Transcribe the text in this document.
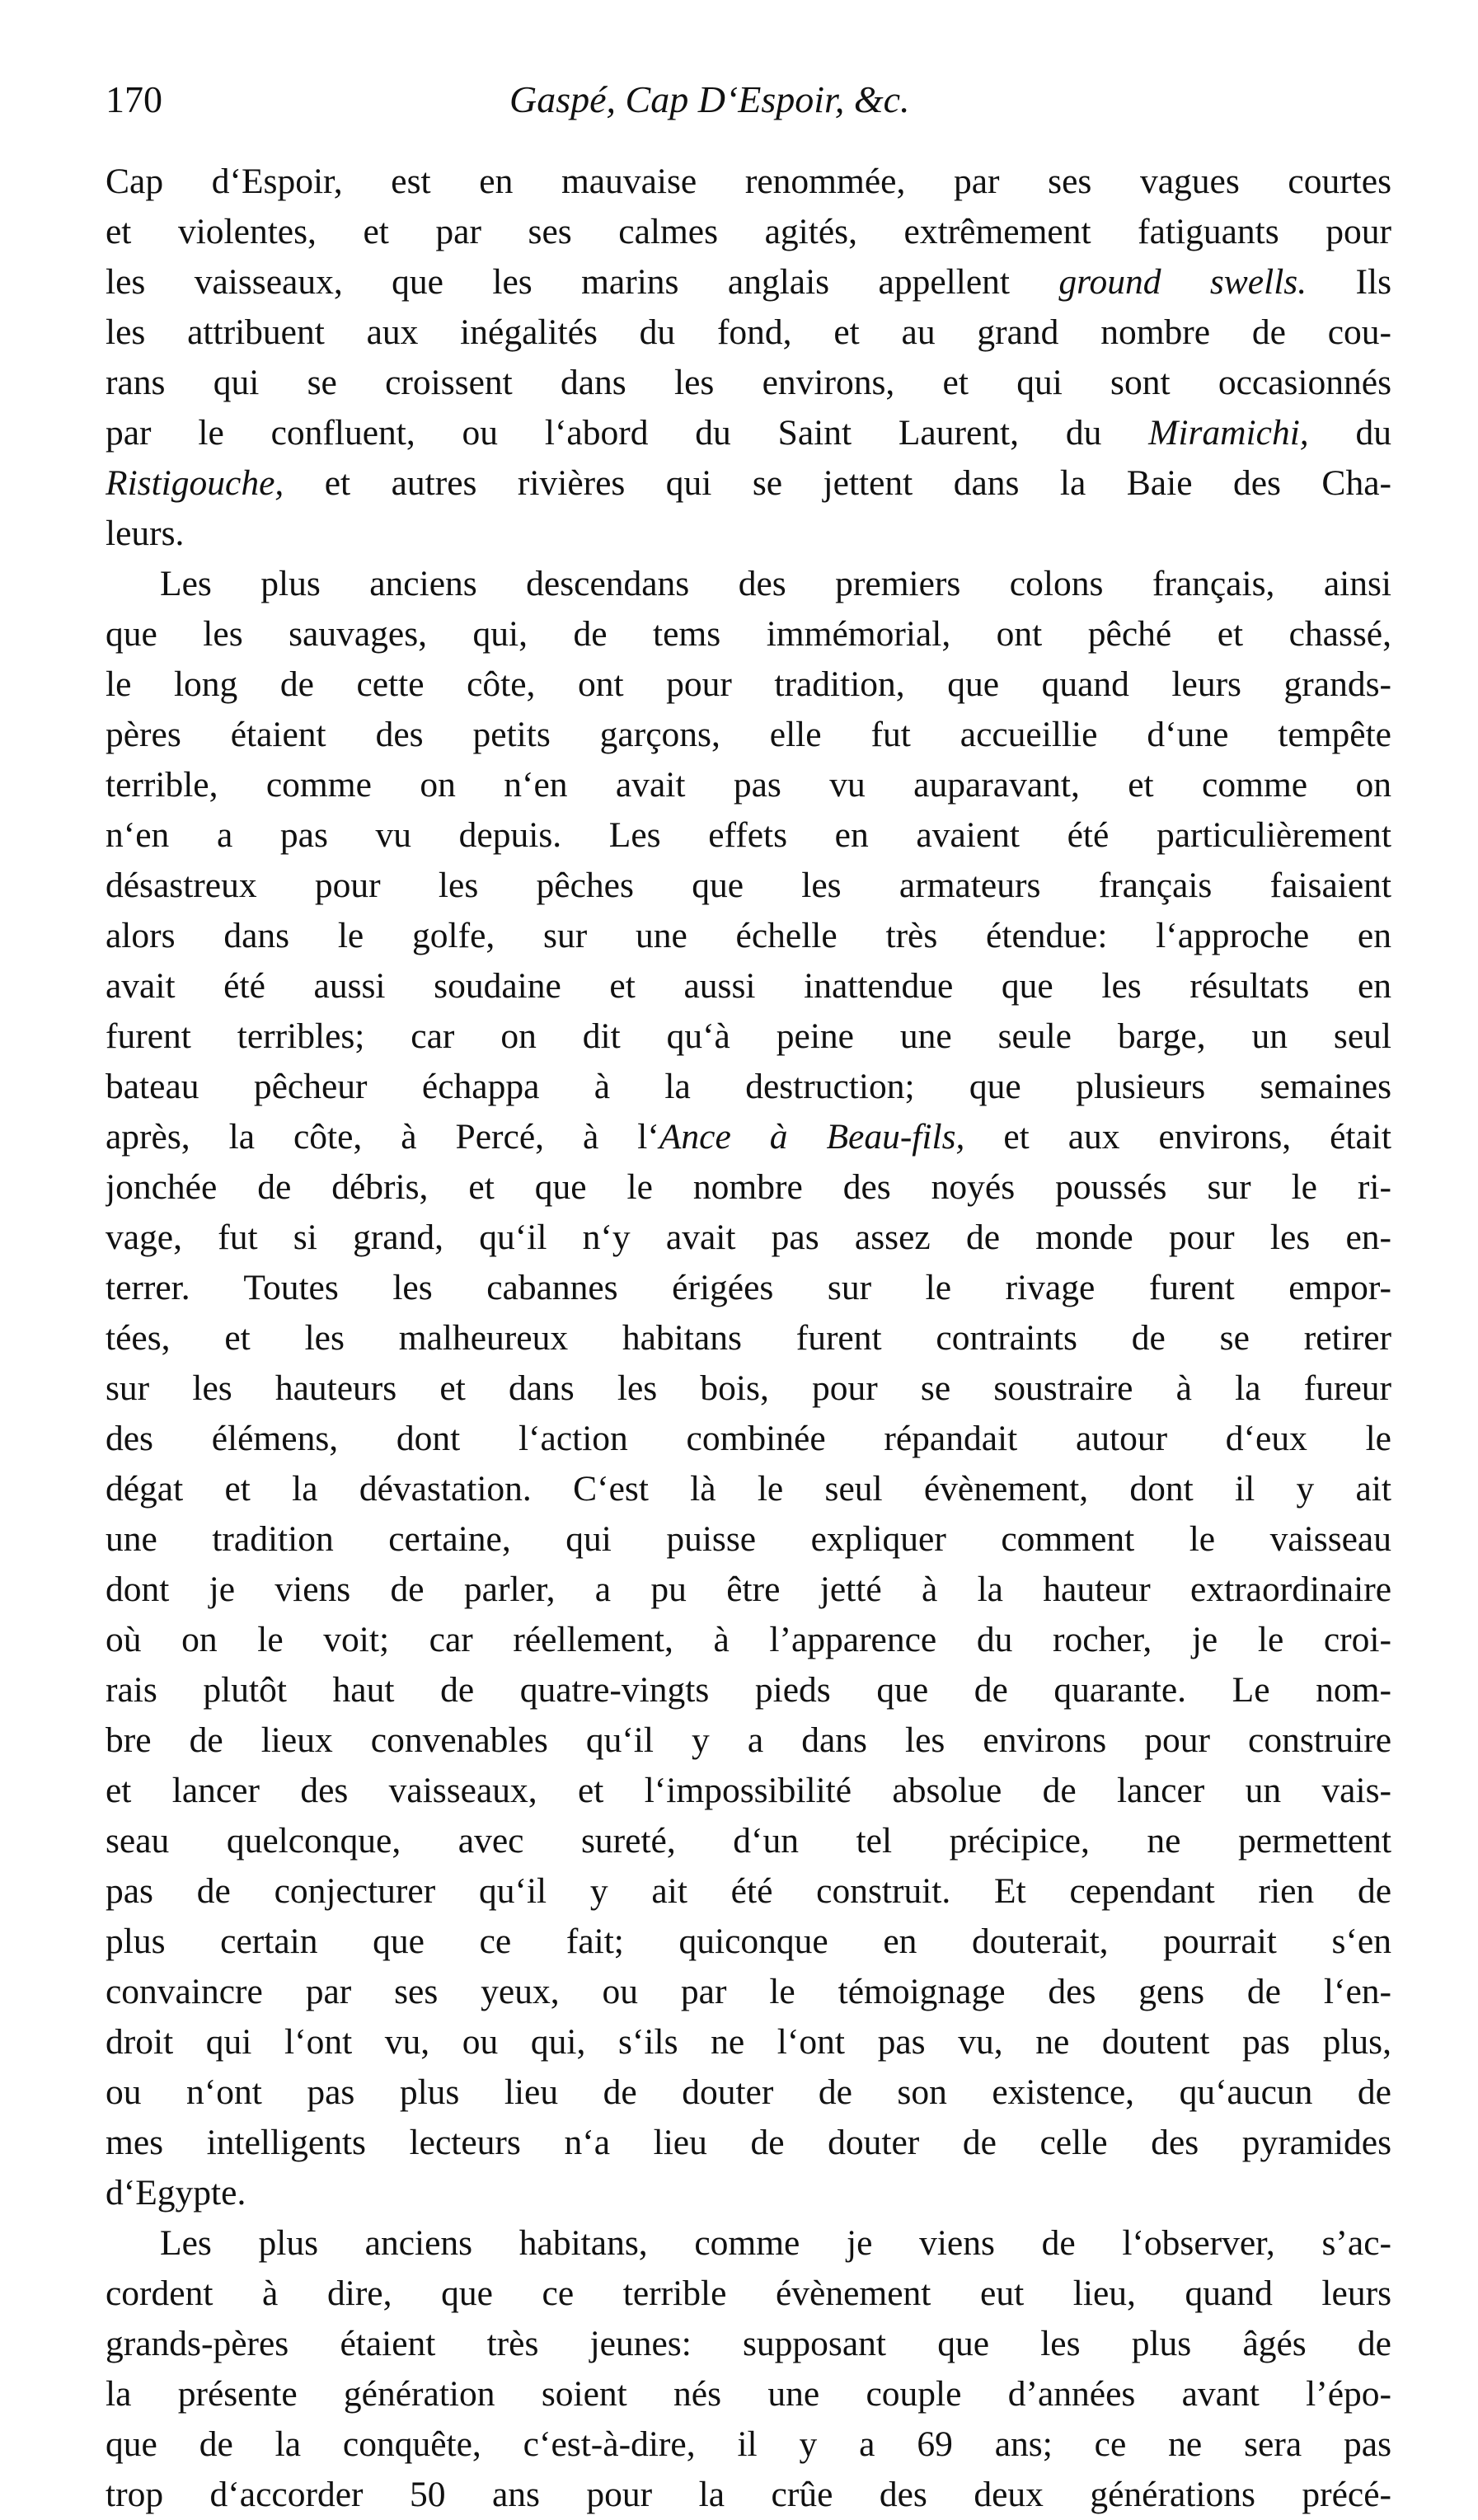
170	Gaspé, Cap D‘Espoir, &c.
Cap d‘Espoir, est en mauvaise renommée, par ses vagues courtes
et violentes, et par ses calmes agités, extrêmement fatiguants pour
les vaisseaux, que les marins anglais appellent ground swells. Ils
les attribuent aux inégalités du fond, et au grand nombre de cou-
rans qui se croissent dans les environs, et qui sont occasionnés
par le confluent, ou l‘abord du Saint Laurent, du Miramichi, du
Ristigouche, et autres rivières qui se jettent dans la Baie des Cha-
leurs.
Les plus anciens descendans des premiers colons français, ainsi
que les sauvages, qui, de tems immémorial, ont pêché et chassé,
le long de cette côte, ont pour tradition, que quand leurs grands-
pères étaient des petits garçons, elle fut accueillie d‘une tempête
terrible, comme on n‘en avait pas vu auparavant, et comme on
n‘en a pas vu depuis. Les effets en avaient été particulièrement
désastreux pour les pêches que les armateurs français faisaient
alors dans le golfe, sur une échelle très étendue: l‘approche en
avait été aussi soudaine et aussi inattendue que les résultats en
furent terribles; car on dit qu‘à peine une seule barge, un seul
bateau pêcheur échappa à la destruction; que plusieurs semaines
après, la côte, à Percé, à l‘Ance à Beau-fils, et aux environs, était
jonchée de débris, et que le nombre des noyés poussés sur le ri-
vage, fut si grand, qu‘il n‘y avait pas assez de monde pour les en-
terrer. Toutes les cabannes érigées sur le rivage furent empor-
tées, et les malheureux habitans furent contraints de se retirer
sur les hauteurs et dans les bois, pour se soustraire à la fureur
des élémens, dont l‘action combinée répandait autour d‘eux le
dégat et la dévastation. C‘est là le seul évènement, dont il y ait
une tradition certaine, qui puisse expliquer comment le vaisseau
dont je viens de parler, a pu être jetté à la hauteur extraordinaire
où on le voit; car réellement, à l’apparence du rocher, je le croi-
rais plutôt haut de quatre-vingts pieds que de quarante. Le nom-
bre de lieux convenables qu‘il y a dans les environs pour construire
et lancer des vaisseaux, et l‘impossibilité absolue de lancer un vais-
seau quelconque, avec sureté, d‘un tel précipice, ne permettent
pas de conjecturer qu‘il y ait été construit. Et cependant rien de
plus certain que ce fait; quiconque en douterait, pourrait s‘en
convaincre par ses yeux, ou par le témoignage des gens de l‘en-
droit qui l‘ont vu, ou qui, s‘ils ne l‘ont pas vu, ne doutent pas plus,
ou n‘ont pas plus lieu de douter de son existence, qu‘aucun de
mes intelligents lecteurs n‘a lieu de douter de celle des pyramides
d‘Egypte.
Les plus anciens habitans, comme je viens de l‘observer, s’ac-
cordent à dire, que ce terrible évènement eut lieu, quand leurs
grands-pères étaient très jeunes: supposant que les plus âgés de
la présente génération soient nés une couple d’années avant l’épo-
que de la conquête, c‘est-à-dire, il y a 69 ans; ce ne sera pas
trop d‘accorder 50 ans pour la crûe des deux générations précé-
